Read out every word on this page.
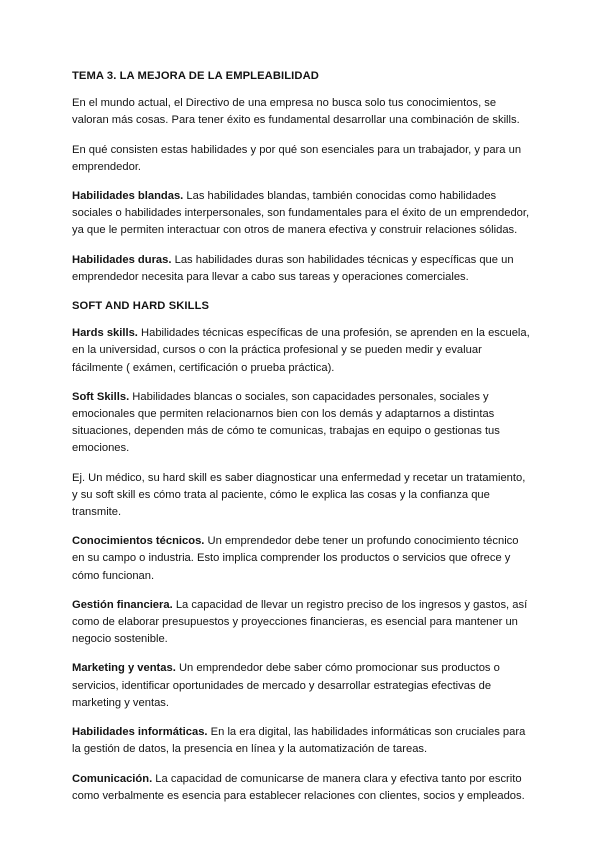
TEMA 3. LA MEJORA DE LA EMPLEABILIDAD

En el mundo actual, el Directivo de una empresa no busca solo tus conocimientos, se valoran más cosas. Para tener éxito es fundamental desarrollar una combinación de skills.

En qué consisten estas habilidades y por qué son esenciales para un trabajador, y para un emprendedor.

Habilidades blandas. Las habilidades blandas, también conocidas como habilidades sociales o habilidades interpersonales, son fundamentales para el éxito de un emprendedor, ya que le permiten interactuar con otros de manera efectiva y construir relaciones sólidas.

Habilidades duras. Las habilidades duras son habilidades técnicas y específicas que un emprendedor necesita para llevar a cabo sus tareas y operaciones comerciales.

SOFT AND HARD SKILLS

Hards skills. Habilidades técnicas específicas de una profesión, se aprenden en la escuela, en la universidad, cursos o con la práctica profesional y se pueden medir y evaluar fácilmente ( exámen, certificación o prueba práctica).

Soft Skills. Habilidades blancas o sociales, son capacidades personales, sociales y emocionales que permiten relacionarnos bien con los demás y adaptarnos a distintas situaciones, dependen más de cómo te comunicas, trabajas en equipo o gestionas tus emociones.

Ej. Un médico, su hard skill es saber diagnosticar una enfermedad y recetar un tratamiento, y su soft skill es cómo trata al paciente, cómo le explica las cosas y la confianza que transmite.

Conocimientos técnicos. Un emprendedor debe tener un profundo conocimiento técnico en su campo o industria. Esto implica comprender los productos o servicios que ofrece y cómo funcionan.

Gestión financiera. La capacidad de llevar un registro preciso de los ingresos y gastos, así como de elaborar presupuestos y proyecciones financieras, es esencial para mantener un negocio sostenible.

Marketing y ventas. Un emprendedor debe saber cómo promocionar sus productos o servicios, identificar oportunidades de mercado y desarrollar estrategias efectivas de marketing y ventas.

Habilidades informáticas. En la era digital, las habilidades informáticas son cruciales para la gestión de datos, la presencia en línea y la automatización de tareas.

Comunicación. La capacidad de comunicarse de manera clara y efectiva tanto por escrito como verbalmente es esencia para establecer relaciones con clientes, socios y empleados.
